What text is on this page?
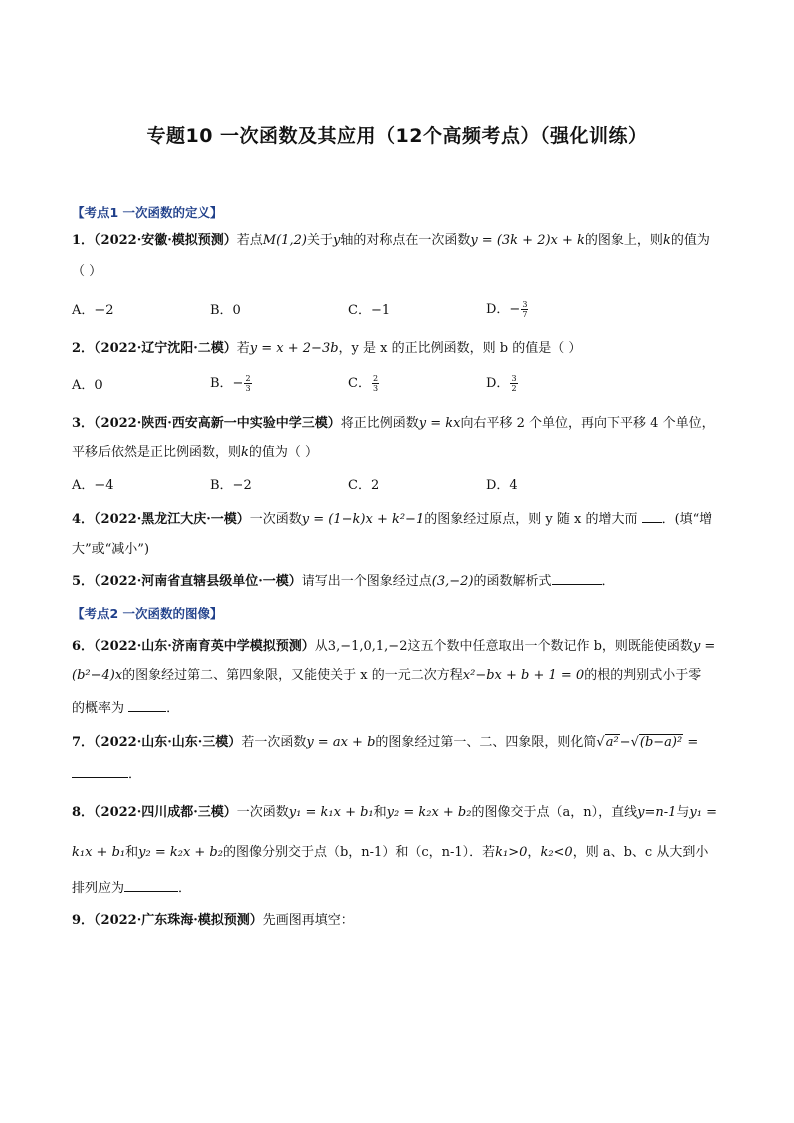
专题10 一次函数及其应用（12个高频考点）（强化训练）
【考点1 一次函数的定义】
1．（2022·安徽·模拟预测）若点M(1,2)关于y轴的对称点在一次函数y = (3k + 2)x + k的图象上，则k的值为
（ ）
A．−2	B．0	C．−1	D．− $\frac{3}{7}$
2．（2022·辽宁沈阳·二模）若y = x + 2−3b，y 是 x 的正比例函数，则 b 的值是（ ）
A．0	B．− $\frac{2}{3}$	C． $\frac{2}{3}$	D． $\frac{3}{2}$
3．（2022·陕西·西安高新一中实验中学三模）将正比例函数y = kx向右平移 2 个单位，再向下平移 4 个单位，
平移后依然是正比例函数，则k的值为（ ）
A．−4	B．−2	C．2	D．4
4．（2022·黑龙江大庆·一模）一次函数y = (1−k)x + k²−1的图象经过原点，则 y 随 x 的增大而 ．(填“增
大”或“减小”)
5．（2022·河南省直辖县级单位·一模）请写出一个图象经过点(3,−2)的函数解析式	．
【考点2 一次函数的图像】
6．（2022·山东·济南育英中学模拟预测）从3,−1,0,1,−2这五个数中任意取出一个数记作 b，则既能使函数y =
(b²−4)x的图象经过第二、第四象限，又能使关于 x 的一元二次方程x²−bx + b + 1 = 0的根的判别式小于零
的概率为	．
7．（2022·山东·山东·三模）若一次函数y = ax + b的图象经过第一、二、四象限，则化简√a²−√(b−a)² =
．
8．（2022·四川成都·三模）一次函数y₁ = k₁x + b₁和y₂ = k₂x + b₂的图像交于点（a，n），直线y=n-1与y₁ =
k₁x + b₁和y₂ = k₂x + b₂的图像分别交于点（b，n-1）和（c，n-1）．若k₁>0，k₂<0，则 a、b、c 从大到小
排列应为	．
9．（2022·广东珠海·模拟预测）先画图再填空：
